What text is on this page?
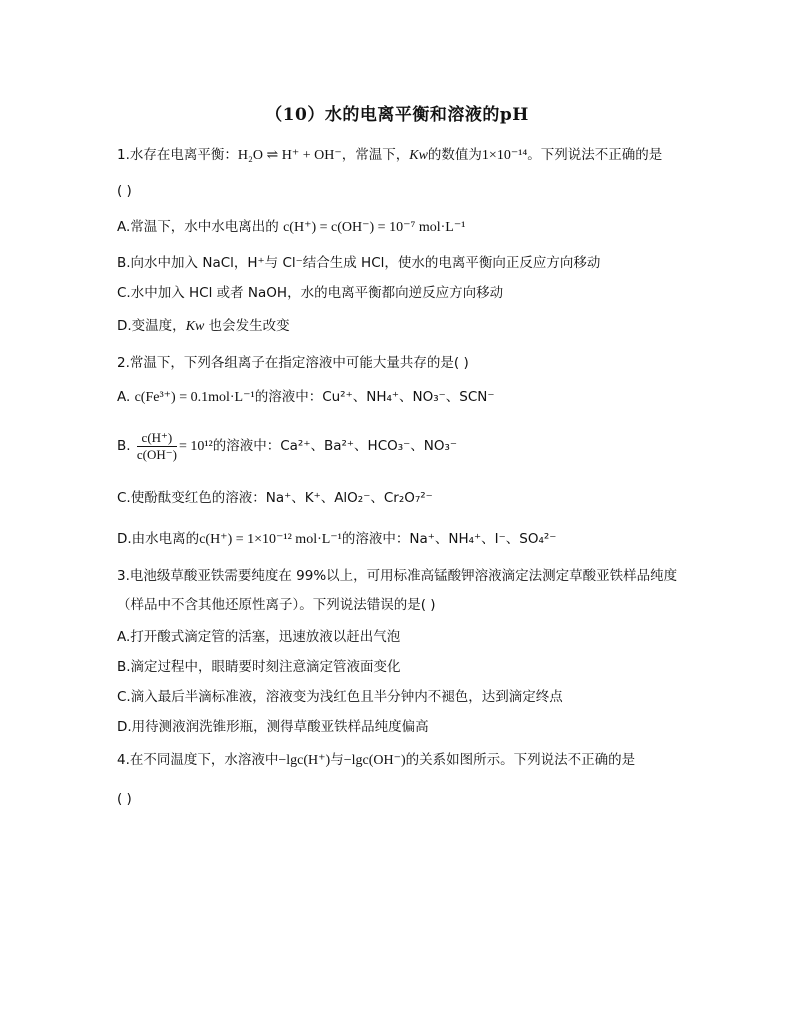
（10）水的电离平衡和溶液的pH
1.水存在电离平衡：H₂O ⇌ H⁺ + OH⁻，常温下，Kw的数值为1×10⁻¹⁴。下列说法不正确的是
( )
A.常温下，水中水电离出的 c(H⁺) = c(OH⁻) = 10⁻⁷ mol·L⁻¹
B.向水中加入 NaCl，H⁺与 Cl⁻结合生成 HCl，使水的电离平衡向正反应方向移动
C.水中加入 HCl 或者 NaOH，水的电离平衡都向逆反应方向移动
D.变温度，Kw 也会发生改变
2.常温下，下列各组离子在指定溶液中可能大量共存的是( )
A. c(Fe³⁺) = 0.1mol·L⁻¹的溶液中：Cu²⁺、NH₄⁺、NO₃⁻、SCN⁻
B. $\frac{c(H^+)}{c(OH^-)} = 10^{12}$的溶液中：Ca²⁺、Ba²⁺、HCO₃⁻、NO₃⁻
C.使酚酞变红色的溶液：Na⁺、K⁺、AlO₂⁻、Cr₂O₇²⁻
D.由水电离的c(H⁺) = 1×10⁻¹² mol·L⁻¹的溶液中：Na⁺、NH₄⁺、I⁻、SO₄²⁻
3.电池级草酸亚铁需要纯度在 99%以上，可用标准高锰酸钾溶液滴定法测定草酸亚铁样品纯度
（样品中不含其他还原性离子）。下列说法错误的是( )
A.打开酸式滴定管的活塞，迅速放液以赶出气泡
B.滴定过程中，眼睛要时刻注意滴定管液面变化
C.滴入最后半滴标准液，溶液变为浅红色且半分钟内不褪色，达到滴定终点
D.用待测液润洗锥形瓶，测得草酸亚铁样品纯度偏高
4.在不同温度下，水溶液中−lgc(H⁺)与−lgc(OH⁻)的关系如图所示。下列说法不正确的是
( )
